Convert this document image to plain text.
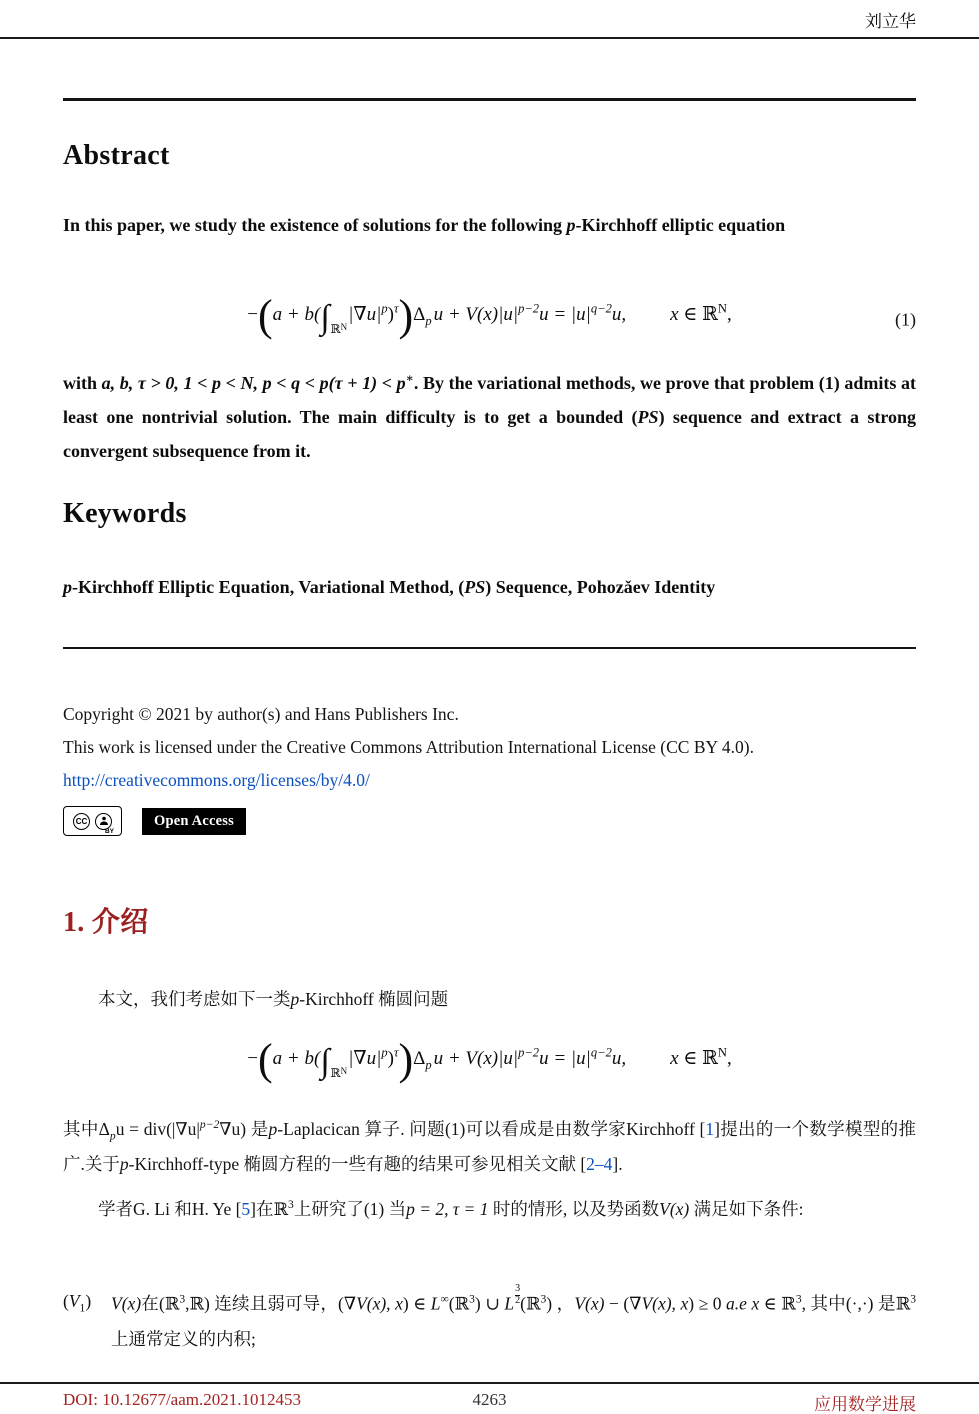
刘立华
Abstract

In this paper, we study the existence of solutions for the following p-Kirchhoff elliptic equation

$-(a + b(\int_{ℝ^N}|\nabla u|^p)^\tau)\Delta_p$ $u + V(x)|u|^{p-2}u = |u|^{q-2}u$, x ∈ ℝ$^N$,	(1)

with a, b, τ > 0, 1 < p < N, p < q < p(τ + 1) < p∗. By the variational methods, we prove that problem (1) admits at least one nontrivial solution. The main difficulty is to get a bounded (PS) sequence and extract a strong convergent subsequence from it.

Keywords

p-Kirchhoff Elliptic Equation, Variational Method, (PS) Sequence, Pohozǎev Identity

Copyright © 2021 by author(s) and Hans Publishers Inc.
This work is licensed under the Creative Commons Attribution International License (CC BY 4.0).
http://creativecommons.org/licenses/by/4.0/
CC
BY
Open Access
1. 介绍

本文，我们考虑如下一类p-Kirchhoff 椭圆问题

$-(a + b(\int_{ℝ^N}|\nabla u|^p)^\tau)\Delta_p$ $u + V(x)|u|^{p-2}u = |u|^{q-2}u$, x ∈ ℝ$^N$,

其中$\Delta_pu = div(|\nabla u|^{p-2}\nabla u)$ 是p-Laplacican 算子. 问题(1)可以看成是由数学家Kirchhoff [1]提出的一个数学模型的推广.关于p-Kirchhoff-type 椭圆方程的一些有趣的结果可参见相关文献 [2–4].

学者G. Li 和H. Ye [5]在ℝ$^3$上研究了(1) 当p = 2, τ = 1 时的情形, 以及势函数V(x) 满足如下条件:

$(V_1)$	V(x)在(ℝ$^3$,ℝ) 连续且弱可导，(∇V(x), x) ∈ L∞(ℝ$^3$) ∪ $L\frac{3}{2}$ (ℝ$^3$) ，V(x) − (∇V(x), x) ≥ 0 a.e x ∈ ℝ$^3$, 其中(·,·) 是ℝ$^3$ 上通常定义的内积;
DOI: 10.12677/aam.2021.1012453	4263	应用数学进展
